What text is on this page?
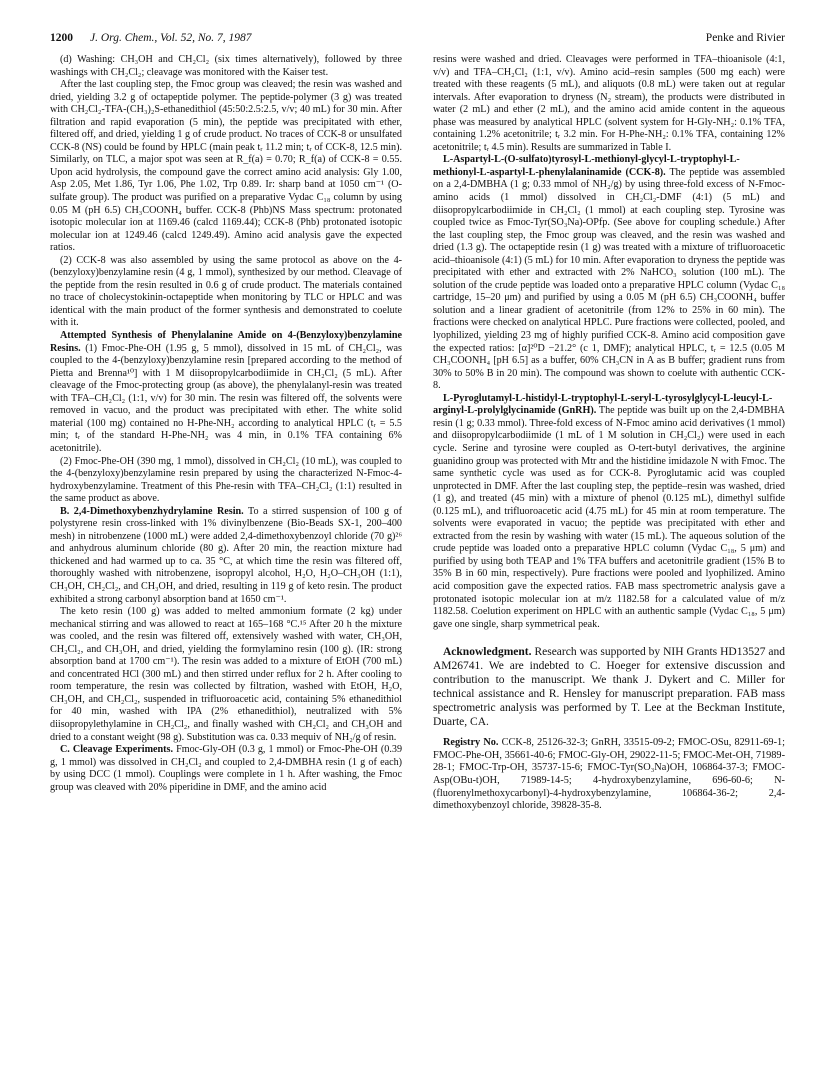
1200 J. Org. Chem., Vol. 52, No. 7, 1987	Penke and Rivier

(d) Washing: CH₃OH and CH₂Cl₂ (six times alternatively), followed by three washings with CH₂Cl₂; cleavage was monitored with the Kaiser test.

After the last coupling step, the Fmoc group was cleaved; the resin was washed and dried, yielding 3.2 g of octapeptide polymer. The peptide-polymer (3 g) was treated with CH₂Cl₂-TFA-(CH₃)₂S-ethanedithiol (45:50:2.5:2.5, v/v; 40 mL) for 30 min. After filtration and rapid evaporation (5 min), the peptide was precipitated with ether, filtered off, and dried, yielding 1 g of crude product. No traces of CCK-8 or unsulfated CCK-8 (NS) could be found by HPLC (main peak tᵣ 11.2 min; tᵣ of CCK-8, 12.5 min). Similarly, on TLC, a major spot was seen at R_f(a) = 0.70; R_f(a) of CCK-8 = 0.55. Upon acid hydrolysis, the compound gave the correct amino acid analysis: Gly 1.00, Asp 2.05, Met 1.86, Tyr 1.06, Phe 1.02, Trp 0.89. Ir: sharp band at 1050 cm⁻¹ (O-sulfate group). The product was purified on a preparative Vydac C₁₈ column by using 0.05 M (pH 6.5) CH₃COONH₄ buffer. CCK-8 (Phb)NS Mass spectrum: protonated isotopic molecular ion at 1169.46 (calcd 1169.44); CCK-8 (Phb) protonated isotopic molecular ion at 1249.46 (calcd 1249.49). Amino acid analysis gave the expected ratios.

(2) CCK-8 was also assembled by using the same protocol as above on the 4-(benzyloxy)benzylamine resin (4 g, 1 mmol), synthesized by our method. Cleavage of the peptide from the resin resulted in 0.6 g of crude product. The materials contained no trace of cholecystokinin-octapeptide when monitoring by TLC or HPLC and was identical with the main product of the former synthesis and demonstrated to coelute with it.

Attempted Synthesis of Phenylalanine Amide on 4-(Benzyloxy)benzylamine Resins. (1) Fmoc-Phe-OH (1.95 g, 5 mmol), dissolved in 15 mL of CH₂Cl₂, was coupled to the 4-(benzyloxy)benzylamine resin [prepared according to the method of Pietta and Brenna¹⁰] with 1 M diisopropylcarbodiimide in CH₂Cl₂ (5 mL). After cleavage of the Fmoc-protecting group (as above), the phenylalanyl-resin was treated with TFA–CH₂Cl₂ (1:1, v/v) for 30 min. The resin was filtered off, the solvents were removed in vacuo, and the product was precipitated with ether. The white solid material (100 mg) contained no H-Phe-NH₂ according to analytical HPLC (tᵣ = 5.5 min; tᵣ of the standard H-Phe-NH₂ was 4 min, in 0.1% TFA containing 6% acetonitrile).

(2) Fmoc-Phe-OH (390 mg, 1 mmol), dissolved in CH₂Cl₂ (10 mL), was coupled to the 4-(benzyloxy)benzylamine resin prepared by using the characterized N-Fmoc-4-hydroxybenzylamine. Treatment of this Phe-resin with TFA–CH₂Cl₂ (1:1) resulted in the same product as above.

B. 2,4-Dimethoxybenzhydrylamine Resin. To a stirred suspension of 100 g of polystyrene resin cross-linked with 1% divinylbenzene (Bio-Beads SX-1, 200–400 mesh) in nitrobenzene (1000 mL) were added 2,4-dimethoxybenzoyl chloride (70 g)²⁶ and anhydrous aluminum chloride (80 g). After 20 min, the reaction mixture had thickened and had warmed up to ca. 35 °C, at which time the resin was filtered off, thoroughly washed with nitrobenzene, isopropyl alcohol, H₂O, H₂O–CH₃OH (1:1), CH₃OH, CH₂Cl₂, and CH₃OH, and dried, resulting in 119 g of keto resin. The product exhibited a strong carbonyl absorption band at 1650 cm⁻¹.

The keto resin (100 g) was added to melted ammonium formate (2 kg) under mechanical stirring and was allowed to react at 165–168 °C.¹⁵ After 20 h the mixture was cooled, and the resin was filtered off, extensively washed with water, CH₃OH, CH₂Cl₂, and CH₃OH, and dried, yielding the formylamino resin (100 g). (IR: strong absorption band at 1700 cm⁻¹). The resin was added to a mixture of EtOH (700 mL) and concentrated HCl (300 mL) and then stirred under reflux for 2 h. After cooling to room temperature, the resin was collected by filtration, washed with EtOH, H₂O, CH₃OH, and CH₂Cl₂, suspended in trifluoroacetic acid, containing 5% ethanedithiol for 40 min, washed with IPA (2% ethanedithiol), neutralized with 5% diisopropylethylamine in CH₂Cl₂, and finally washed with CH₂Cl₂ and CH₃OH and dried to a constant weight (98 g). Substitution was ca. 0.33 mequiv of NH₂/g of resin.

C. Cleavage Experiments. Fmoc-Gly-OH (0.3 g, 1 mmol) or Fmoc-Phe-OH (0.39 g, 1 mmol) was dissolved in CH₂Cl₂ and coupled to 2,4-DMBHA resin (1 g of each) by using DCC (1 mmol). Couplings were complete in 1 h. After washing, the Fmoc group was cleaved with 20% piperidine in DMF, and the amino acid

resins were washed and dried. Cleavages were performed in TFA–thioanisole (4:1, v/v) and TFA–CH₂Cl₂ (1:1, v/v). Amino acid–resin samples (500 mg each) were treated with these reagents (5 mL), and aliquots (0.8 mL) were taken out at regular intervals. After evaporation to dryness (N₂ stream), the products were distributed in water (2 mL) and ether (2 mL), and the amino acid amide content in the aqueous phase was measured by analytical HPLC (solvent system for H-Gly-NH₂: 0.1% TFA, containing 1.2% acetonitrile; tᵣ 3.2 min. For H-Phe-NH₂: 0.1% TFA, containing 12% acetonitrile; tᵣ 4.5 min). Results are summarized in Table I.

L-Aspartyl-L-(O-sulfato)tyrosyl-L-methionyl-glycyl-L-tryptophyl-L-methionyl-L-aspartyl-L-phenylalaninamide (CCK-8). The peptide was assembled on a 2,4-DMBHA (1 g; 0.33 mmol of NH₂/g) by using three-fold excess of N-Fmoc-amino acids (1 mmol) dissolved in CH₂Cl₂-DMF (4:1) (5 mL) and diisopropylcarbodiimide in CH₂Cl₂ (1 mmol) at each coupling step. Tyrosine was coupled twice as Fmoc-Tyr(SO₃Na)-OPfp. (See above for coupling schedule.) After the last coupling step, the Fmoc group was cleaved, and the resin was washed and dried (1.3 g). The octapeptide resin (1 g) was treated with a mixture of trifluoroacetic acid–thioanisole (4:1) (5 mL) for 10 min. After evaporation to dryness the peptide was precipitated with ether and extracted with 2% NaHCO₃ solution (100 mL). The solution of the crude peptide was loaded onto a preparative HPLC column (Vydac C₁₈ cartridge, 15–20 μm) and purified by using a 0.05 M (pH 6.5) CH₃COONH₄ buffer solution and a linear gradient of acetonitrile (from 12% to 25% in 60 min). The fractions were checked on analytical HPLC. Pure fractions were collected, pooled, and lyophilized, yielding 23 mg of highly purified CCK-8. Amino acid composition gave the expected ratios: [α]²⁰D −21.2° (c 1, DMF); analytical HPLC, tᵣ = 12.5 (0.05 M CH₃COONH₄ [pH 6.5] as a buffer, 60% CH₃CN in A as B buffer; gradient runs from 30% to 50% B in 20 min). The compound was shown to coelute with authentic CCK-8.

L-Pyroglutamyl-L-histidyl-L-tryptophyl-L-seryl-L-tyrosylglycyl-L-leucyl-L-arginyl-L-prolylglycinamide (GnRH). The peptide was built up on the 2,4-DMBHA resin (1 g; 0.33 mmol). Three-fold excess of N-Fmoc amino acid derivatives (1 mmol) and diisopropylcarbodiimide (1 mL of 1 M solution in CH₂Cl₂) were used in each cycle. Serine and tyrosine were coupled as O-tert-butyl derivatives, the arginine guanidino group was protected with Mtr and the histidine imidazole N with Fmoc. The same synthetic cycle was used as for CCK-8. Pyroglutamic acid was coupled unprotected in DMF. After the last coupling step, the peptide–resin was washed, dried (1 g), and treated (45 min) with a mixture of phenol (0.125 mL), dimethyl sulfide (0.125 mL), and trifluoroacetic acid (4.75 mL) for 45 min at room temperature. The solvents were evaporated in vacuo; the peptide was precipitated with ether and extracted from the resin by washing with water (15 mL). The aqueous solution of the crude peptide was loaded onto a preparative HPLC column (Vydac C₁₈, 5 μm) and purified by using both TEAP and 1% TFA buffers and acetonitrile gradient (15% B to 35% B in 60 min, respectively). Pure fractions were pooled and lyophilized. Amino acid composition gave the expected ratios. FAB mass spectrometric analysis gave a protonated isotopic molecular ion at m/z 1182.58 for a calculated value of m/z 1182.58. Coelution experiment on HPLC with an authentic sample (Vydac C₁₈, 5 μm) gave one single, sharp symmetrical peak.

Acknowledgment. Research was supported by NIH Grants HD13527 and AM26741. We are indebted to C. Hoeger for extensive discussion and contribution to the manuscript. We thank J. Dykert and C. Miller for technical assistance and R. Hensley for manuscript preparation. FAB mass spectrometric analysis was performed by T. Lee at the Beckman Institute, Duarte, CA.
Registry No. CCK-8, 25126-32-3; GnRH, 33515-09-2; FMOC-OSu, 82911-69-1; FMOC-Phe-OH, 35661-40-6; FMOC-Gly-OH, 29022-11-5; FMOC-Met-OH, 71989-28-1; FMOC-Trp-OH, 35737-15-6; FMOC-Tyr(SO₃Na)OH, 106864-37-3; FMOC-Asp(OBu-t)OH, 71989-14-5; 4-hydroxybenzylamine, 696-60-6; N-(fluorenylmethoxycarbonyl)-4-hydroxybenzylamine, 106864-36-2; 2,4-dimethoxybenzoyl chloride, 39828-35-8.
